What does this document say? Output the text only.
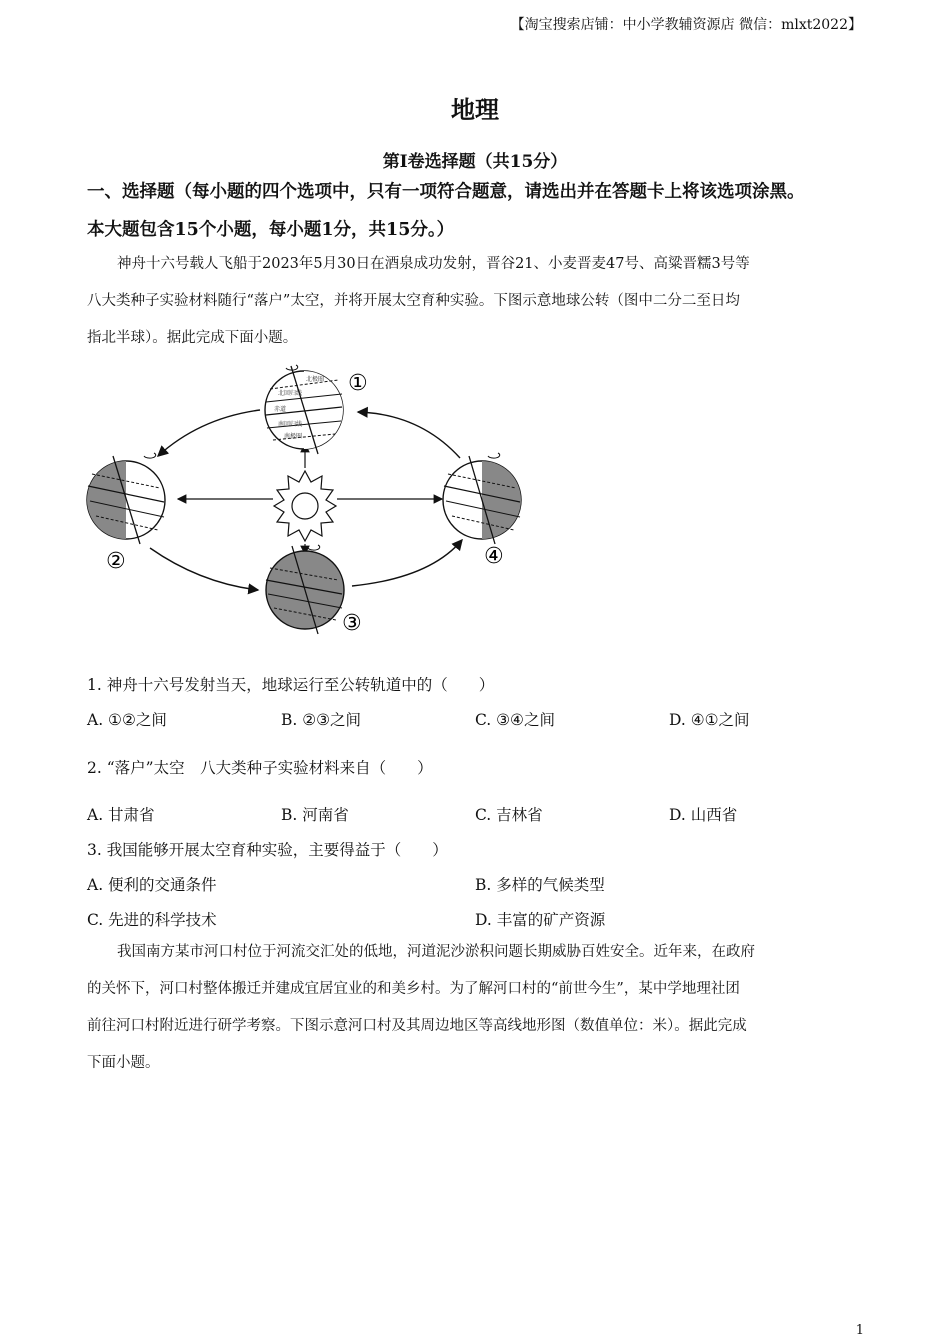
【淘宝搜索店铺：中小学教辅资源店 微信：mlxt2022】
地理
第Ⅰ卷选择题（共15分）
一、选择题（每小题的四个选项中，只有一项符合题意，请选出并在答题卡上将该选项涂黑。
本大题包含15个小题，每小题1分，共15分。）
神舟十六号载人飞船于2023年5月30日在酒泉成功发射，晋谷21、小麦晋麦47号、高粱晋糯3号等
八大类种子实验材料随行“落户”太空，并将开展太空育种实验。下图示意地球公转（图中二分二至日均
指北半球）。据此完成下面小题。
北极圈
北回归线
赤道
南回归线
南极圈
①
②
③
④
1. 神舟十六号发射当天，地球运行至公转轨道中的（　　）
A. ①②之间	B. ②③之间	C. ③④之间	D. ④①之间
2. “落户”太空　八大类种子实验材料来自（　　）
A. 甘肃省	B. 河南省	C. 吉林省	D. 山西省
3. 我国能够开展太空育种实验，主要得益于（　　）
A. 便利的交通条件	B. 多样的气候类型
C. 先进的科学技术	D. 丰富的矿产资源
我国南方某市河口村位于河流交汇处的低地，河道泥沙淤积问题长期威胁百姓安全。近年来，在政府
的关怀下，河口村整体搬迁并建成宜居宜业的和美乡村。为了解河口村的“前世今生”，某中学地理社团
前往河口村附近进行研学考察。下图示意河口村及其周边地区等高线地形图（数值单位：米）。据此完成
下面小题。
1
